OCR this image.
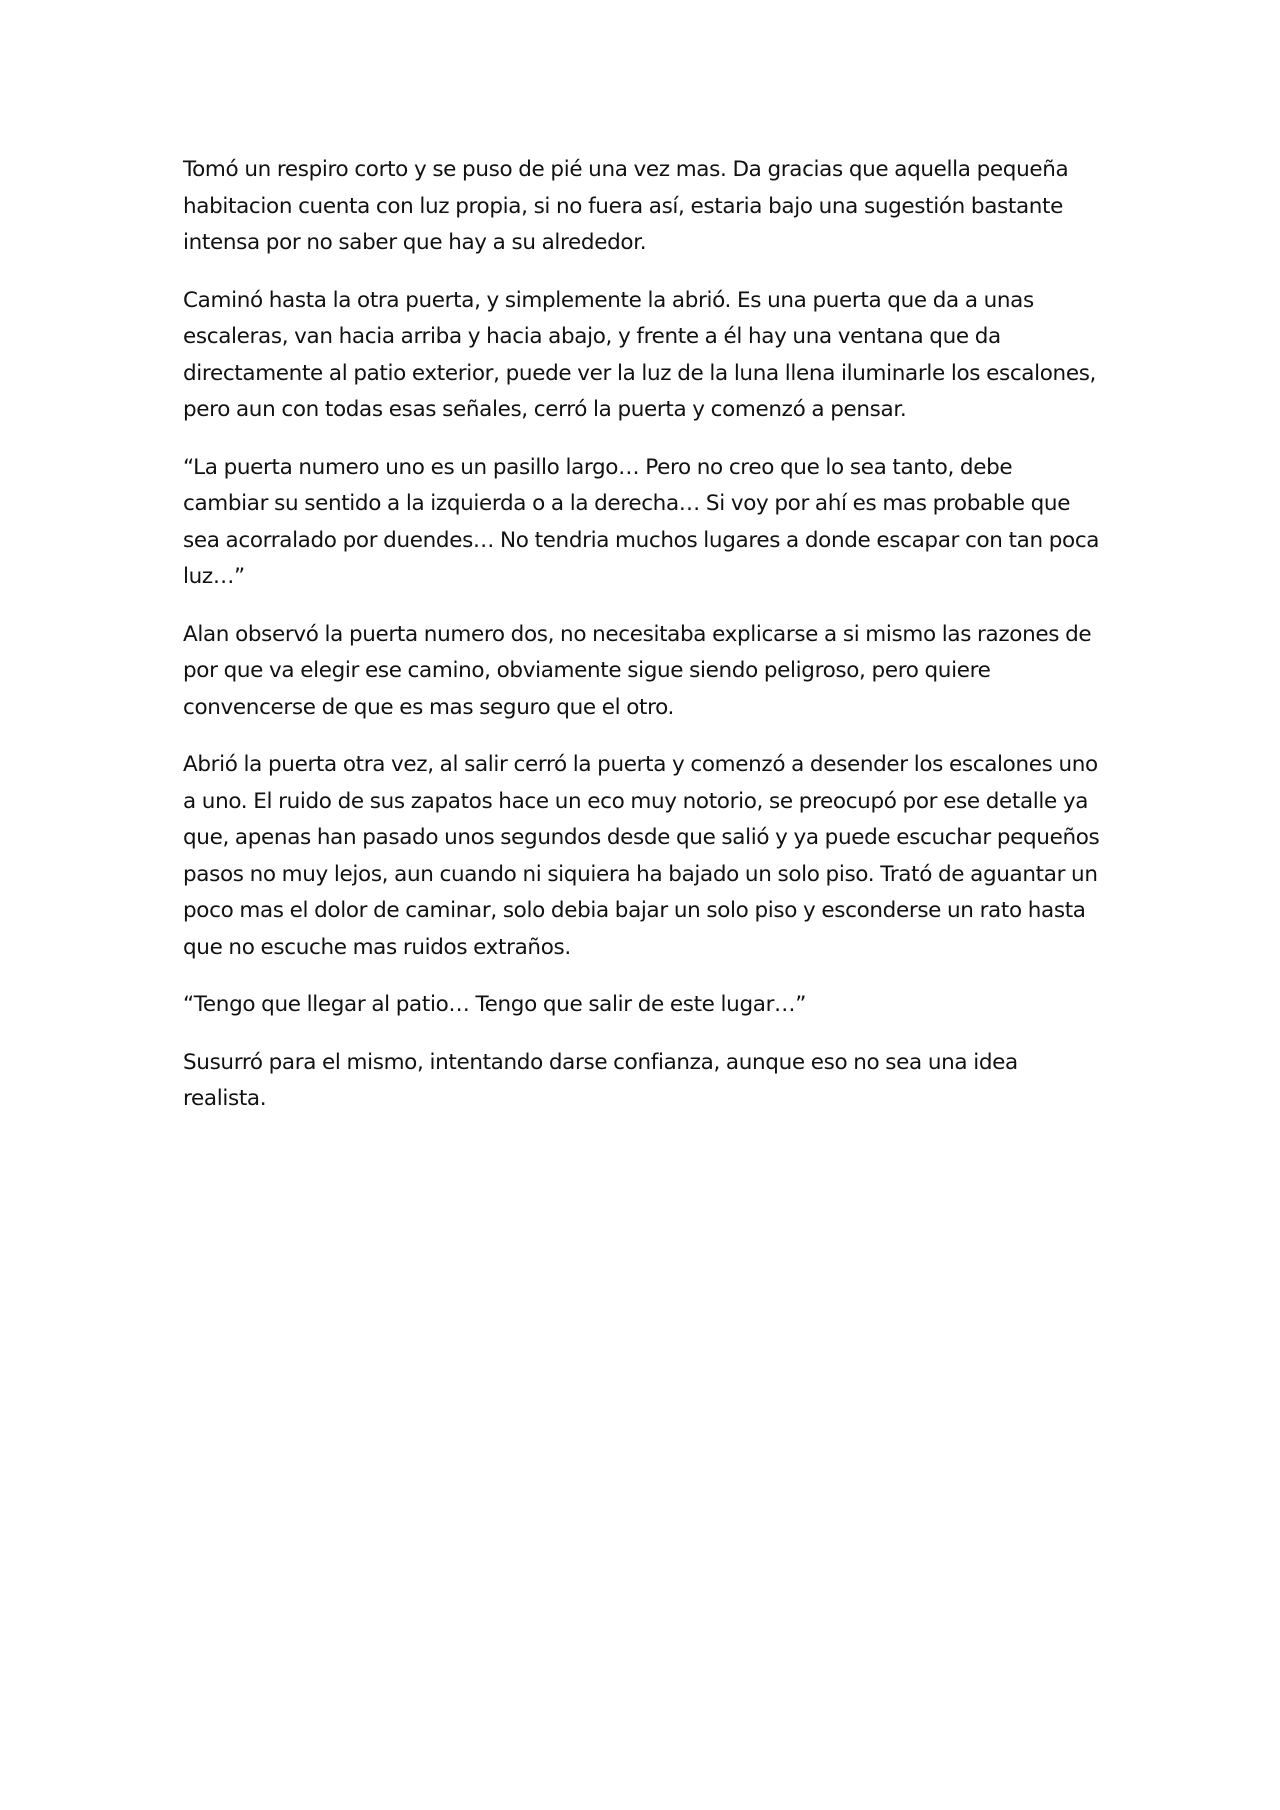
Tomó un respiro corto y se puso de pié una vez mas. Da gracias que aquella pequeña habitacion cuenta con luz propia, si no fuera así, estaria bajo una sugestión bastante intensa por no saber que hay a su alrededor.

Caminó hasta la otra puerta, y simplemente la abrió. Es una puerta que da a unas escaleras, van hacia arriba y hacia abajo, y frente a él hay una ventana que da directamente al patio exterior, puede ver la luz de la luna llena iluminarle los escalones, pero aun con todas esas señales, cerró la puerta y comenzó a pensar.

“La puerta numero uno es un pasillo largo… Pero no creo que lo sea tanto, debe cambiar su sentido a la izquierda o a la derecha… Si voy por ahí es mas probable que sea acorralado por duendes… No tendria muchos lugares a donde escapar con tan poca luz…”

Alan observó la puerta numero dos, no necesitaba explicarse a si mismo las razones de por que va elegir ese camino, obviamente sigue siendo peligroso, pero quiere convencerse de que es mas seguro que el otro.

Abrió la puerta otra vez, al salir cerró la puerta y comenzó a desender los escalones uno a uno. El ruido de sus zapatos hace un eco muy notorio, se preocupó por ese detalle ya que, apenas han pasado unos segundos desde que salió y ya puede escuchar pequeños pasos no muy lejos, aun cuando ni siquiera ha bajado un solo piso. Trató de aguantar un poco mas el dolor de caminar, solo debia bajar un solo piso y esconderse un rato hasta que no escuche mas ruidos extraños.

“Tengo que llegar al patio… Tengo que salir de este lugar…”

Susurró para el mismo, intentando darse confianza, aunque eso no sea una idea realista.
